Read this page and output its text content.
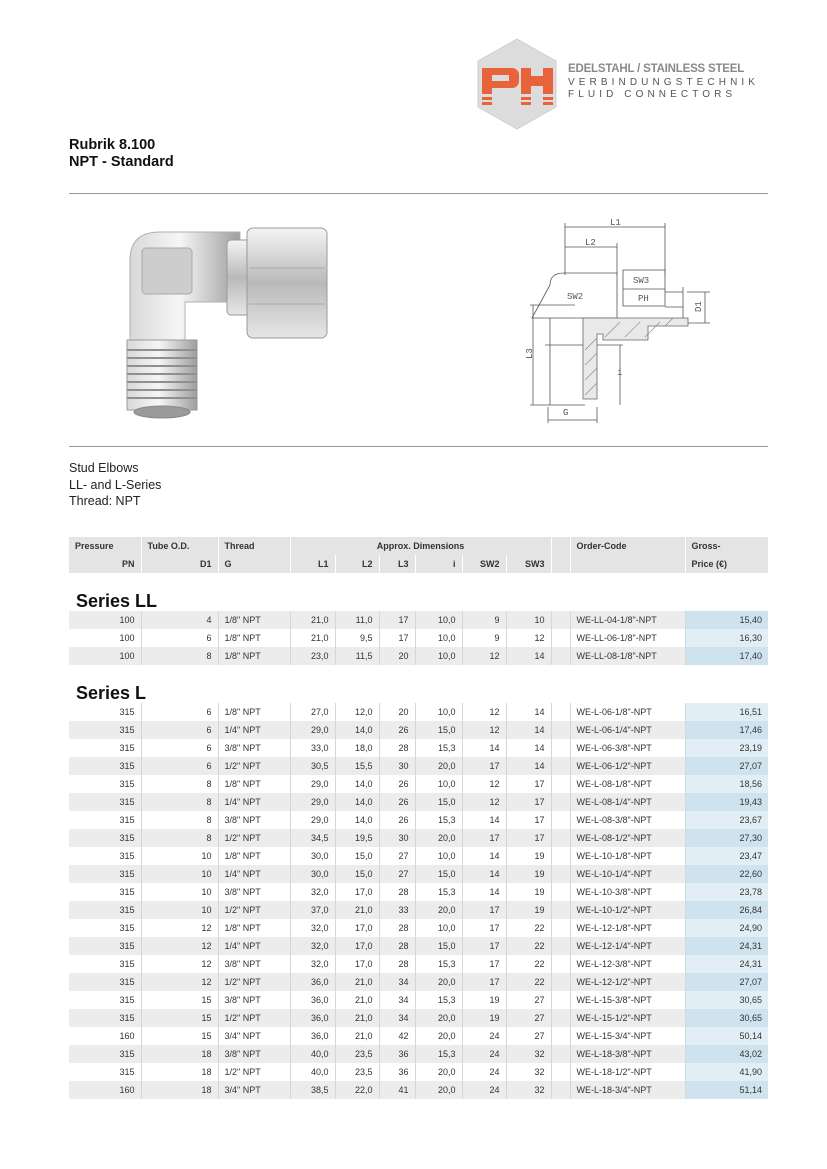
EDELSTAHL / STAINLESS STEEL
VERBINDUNGSTECHNIK
FLUID CONNECTORS
Rubrik 8.100
NPT - Standard
L1
L2
SW3
PH
D1
SW2
L3
i
G
Stud Elbows
LL- and L-Series
Thread: NPT
Pressure	Tube O.D.	Thread	Approx. Dimensions							Order-Code	Gross-
PN	D1	G	L1	L2	L3	i	SW2	SW3			Price (€)

Series LL											

100	4	1/8" NPT	21,0	11,0	17	10,0	9	10		WE-LL-04-1/8"-NPT	15,40
100	6	1/8" NPT	21,0	9,5	17	10,0	9	12		WE-LL-06-1/8"-NPT	16,30
100	8	1/8" NPT	23,0	11,5	20	10,0	12	14		WE-LL-08-1/8"-NPT	17,40

Series L											

315	6	1/8" NPT	27,0	12,0	20	10,0	12	14		WE-L-06-1/8"-NPT	16,51
315	6	1/4" NPT	29,0	14,0	26	15,0	12	14		WE-L-06-1/4"-NPT	17,46
315	6	3/8" NPT	33,0	18,0	28	15,3	14	14		WE-L-06-3/8"-NPT	23,19
315	6	1/2" NPT	30,5	15,5	30	20,0	17	14		WE-L-06-1/2"-NPT	27,07
315	8	1/8" NPT	29,0	14,0	26	10,0	12	17		WE-L-08-1/8"-NPT	18,56
315	8	1/4" NPT	29,0	14,0	26	15,0	12	17		WE-L-08-1/4"-NPT	19,43
315	8	3/8" NPT	29,0	14,0	26	15,3	14	17		WE-L-08-3/8"-NPT	23,67
315	8	1/2" NPT	34,5	19,5	30	20,0	17	17		WE-L-08-1/2"-NPT	27,30
315	10	1/8" NPT	30,0	15,0	27	10,0	14	19		WE-L-10-1/8"-NPT	23,47
315	10	1/4" NPT	30,0	15,0	27	15,0	14	19		WE-L-10-1/4"-NPT	22,60
315	10	3/8" NPT	32,0	17,0	28	15,3	14	19		WE-L-10-3/8"-NPT	23,78
315	10	1/2" NPT	37,0	21,0	33	20,0	17	19		WE-L-10-1/2"-NPT	26,84
315	12	1/8" NPT	32,0	17,0	28	10,0	17	22		WE-L-12-1/8"-NPT	24,90
315	12	1/4" NPT	32,0	17,0	28	15,0	17	22		WE-L-12-1/4"-NPT	24,31
315	12	3/8" NPT	32,0	17,0	28	15,3	17	22		WE-L-12-3/8"-NPT	24,31
315	12	1/2" NPT	36,0	21,0	34	20,0	17	22		WE-L-12-1/2"-NPT	27,07
315	15	3/8" NPT	36,0	21,0	34	15,3	19	27		WE-L-15-3/8"-NPT	30,65
315	15	1/2" NPT	36,0	21,0	34	20,0	19	27		WE-L-15-1/2"-NPT	30,65
160	15	3/4" NPT	36,0	21,0	42	20,0	24	27		WE-L-15-3/4"-NPT	50,14
315	18	3/8" NPT	40,0	23,5	36	15,3	24	32		WE-L-18-3/8"-NPT	43,02
315	18	1/2" NPT	40,0	23,5	36	20,0	24	32		WE-L-18-1/2"-NPT	41,90
160	18	3/4" NPT	38,5	22,0	41	20,0	24	32		WE-L-18-3/4"-NPT	51,14
